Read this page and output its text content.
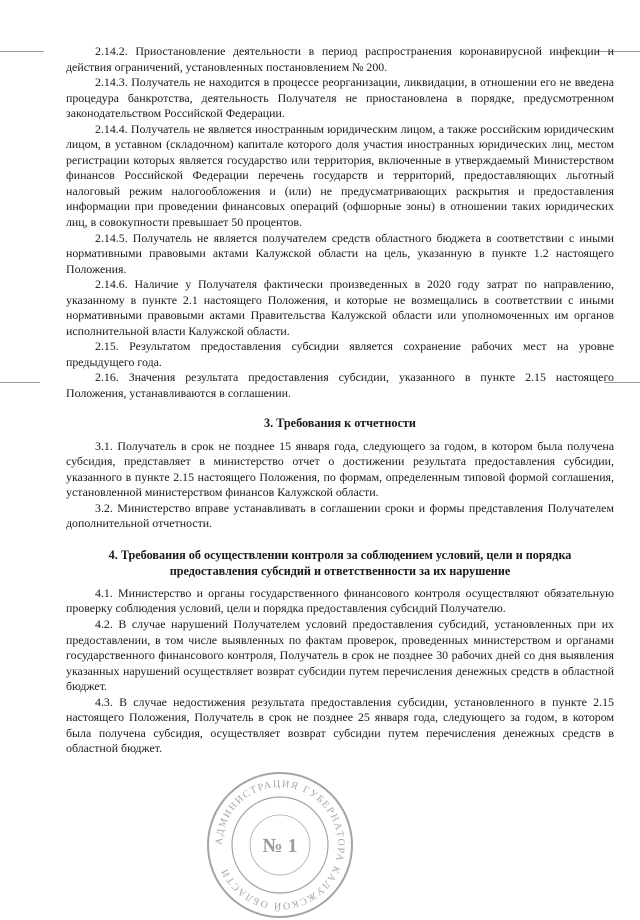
2.14.2. Приостановление деятельности в период распространения коронавирусной инфекции и действия ограничений, установленных постановлением № 200.

2.14.3. Получатель не находится в процессе реорганизации, ликвидации, в отношении его не введена процедура банкротства, деятельность Получателя не приостановлена в порядке, предусмотренном законодательством Российской Федерации.

2.14.4. Получатель не является иностранным юридическим лицом, а также российским юридическим лицом, в уставном (складочном) капитале которого доля участия иностранных юридических лиц, местом регистрации которых является государство или территория, включенные в утверждаемый Министерством финансов Российской Федерации перечень государств и территорий, предоставляющих льготный налоговый режим налогообложения и (или) не предусматривающих раскрытия и предоставления информации при проведении финансовых операций (офшорные зоны) в отношении таких юридических лиц, в совокупности превышает 50 процентов.

2.14.5. Получатель не является получателем средств областного бюджета в соответствии с иными нормативными правовыми актами Калужской области на цель, указанную в пункте 1.2 настоящего Положения.

2.14.6. Наличие у Получателя фактически произведенных в 2020 году затрат по направлению, указанному в пункте 2.1 настоящего Положения, и которые не возмещались в соответствии с иными нормативными правовыми актами Правительства Калужской области или уполномоченных им органов исполнительной власти Калужской области.

2.15. Результатом предоставления субсидии является сохранение рабочих мест на уровне предыдущего года.

2.16. Значения результата предоставления субсидии, указанного в пункте 2.15 настоящего Положения, устанавливаются в соглашении.

3. Требования к отчетности

3.1. Получатель в срок не позднее 15 января года, следующего за годом, в котором была получена субсидия, представляет в министерство отчет о достижении результата предоставления субсидии, указанного в пункте 2.15 настоящего Положения, по формам, определенным типовой формой соглашения, установленной министерством финансов Калужской области.

3.2. Министерство вправе устанавливать в соглашении сроки и формы представления Получателем дополнительной отчетности.

4. Требования об осуществлении контроля за соблюдением условий, цели и порядка

предоставления субсидий и ответственности за их нарушение

4.1. Министерство и органы государственного финансового контроля осуществляют обязательную проверку соблюдения условий, цели и порядка предоставления субсидий Получателю.

4.2. В случае нарушений Получателем условий предоставления субсидий, установленных при их предоставлении, в том числе выявленных по фактам проверок, проведенных министерством и органами государственного финансового контроля, Получатель в срок не позднее 30 рабочих дней со дня выявления указанных нарушений осуществляет возврат субсидии путем перечисления денежных средств в областной бюджет.

4.3. В случае недостижения результата предоставления субсидии, установленного в пункте 2.15 настоящего Положения, Получатель в срок не позднее 25 января года, следующего за годом, в котором была получена субсидия, осуществляет возврат субсидии путем перечисления денежных средств в областной бюджет.

АДМИНИСТРАЦИЯ ГУБЕРНАТОРА КАЛУЖСКОЙ ОБЛАСТИ
№ 1
